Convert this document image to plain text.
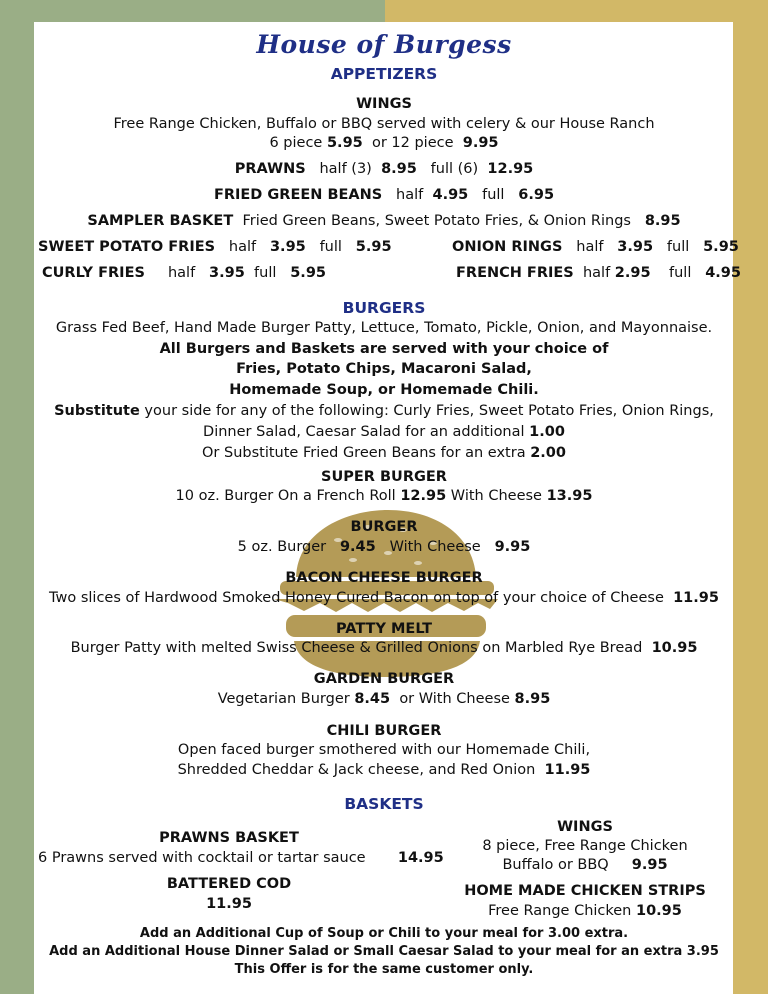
House of Burgess
APPETIZERS
WINGS
Free Range Chicken, Buffalo or BBQ served with celery & our House Ranch
6 piece 5.95 or 12 piece 9.95
PRAWNS half (3) 8.95 full (6) 12.95
FRIED GREEN BEANS half 4.95 full 6.95
SAMPLER BASKET Fried Green Beans, Sweet Potato Fries, & Onion Rings 8.95
SWEET POTATO FRIES half 3.95 full 5.95	ONION RINGS half 3.95 full 5.95
CURLY FRIES half 3.95 full 5.95	FRENCH FRIES half 2.95 full 4.95
BURGERS
Grass Fed Beef, Hand Made Burger Patty, Lettuce, Tomato, Pickle, Onion, and Mayonnaise.
All Burgers and Baskets are served with your choice of
Fries, Potato Chips, Macaroni Salad,
Homemade Soup, or Homemade Chili.
Substitute your side for any of the following: Curly Fries, Sweet Potato Fries, Onion Rings,
Dinner Salad, Caesar Salad for an additional 1.00
Or Substitute Fried Green Beans for an extra 2.00
SUPER BURGER
10 oz. Burger On a French Roll 12.95 With Cheese 13.95
BURGER
5 oz. Burger 9.45 With Cheese 9.95
BACON CHEESE BURGER
Two slices of Hardwood Smoked Honey Cured Bacon on top of your choice of Cheese 11.95
PATTY MELT
Burger Patty with melted Swiss Cheese & Grilled Onions on Marbled Rye Bread 10.95
GARDEN BURGER
Vegetarian Burger 8.45 or With Cheese 8.95
CHILI BURGER
Open faced burger smothered with our Homemade Chili,
Shredded Cheddar & Jack cheese, and Red Onion 11.95
BASKETS
PRAWNS BASKET
6 Prawns served with cocktail or tartar sauce 14.95
BATTERED COD
11.95
WINGS
8 piece, Free Range Chicken
Buffalo or BBQ 9.95
HOME MADE CHICKEN STRIPS
Free Range Chicken 10.95
Add an Additional Cup of Soup or Chili to your meal for 3.00 extra.
Add an Additional House Dinner Salad or Small Caesar Salad to your meal for an extra 3.95
This Offer is for the same customer only.
